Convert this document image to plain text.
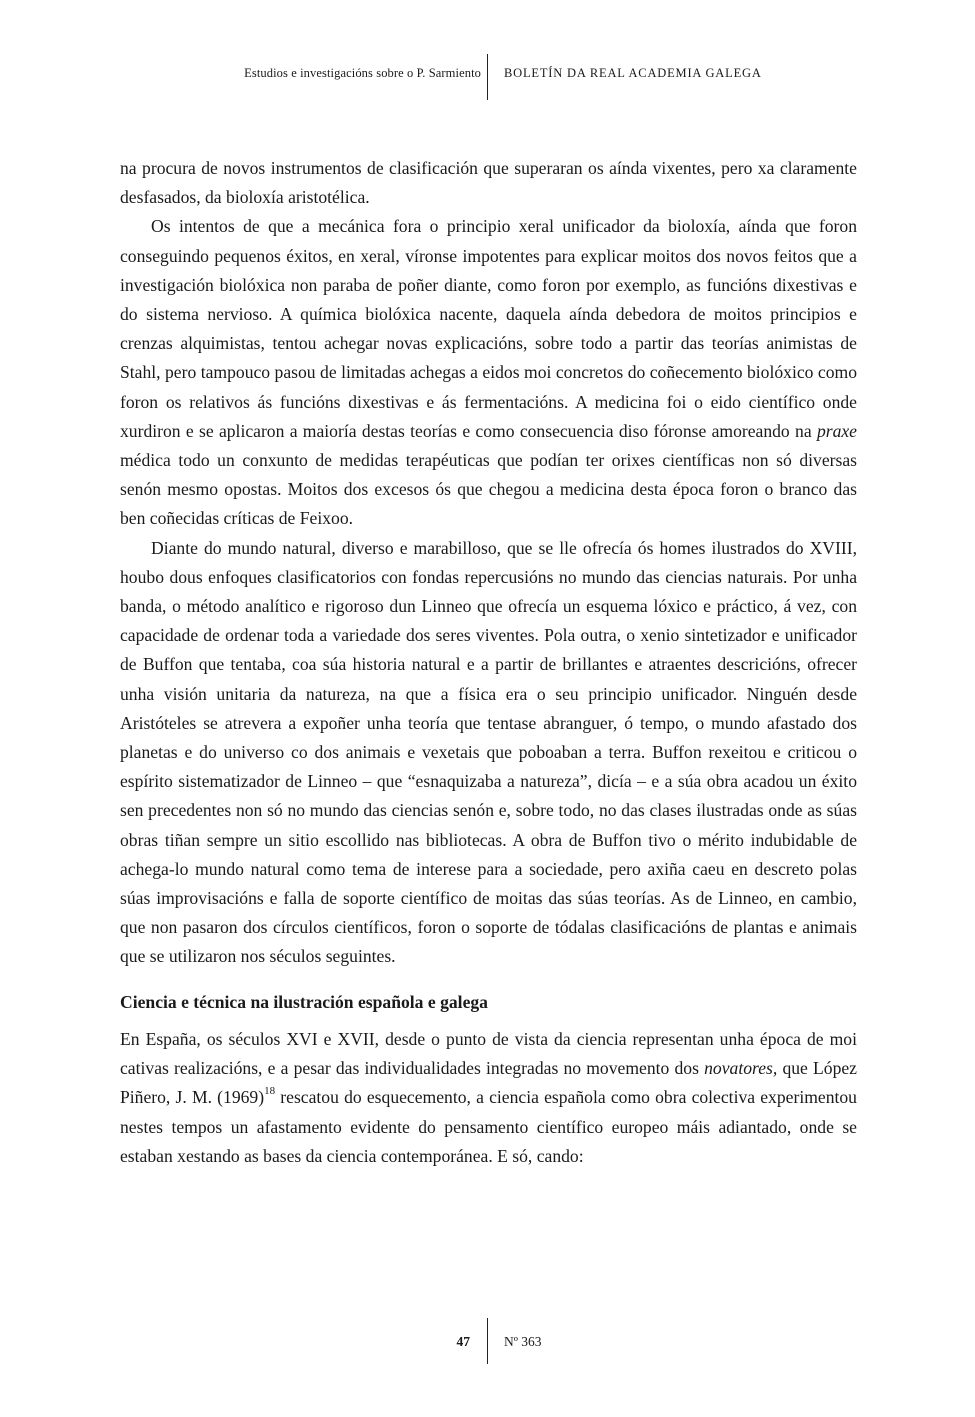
Estudios e investigacións sobre o P. Sarmiento BOLETÍN DA REAL ACADEMIA GALEGA

na procura de novos instrumentos de clasificación que superaran os aínda vixentes, pero xa claramente desfasados, da bioloxía aristotélica.

Os intentos de que a mecánica fora o principio xeral unificador da bioloxía, aínda que foron conseguindo pequenos éxitos, en xeral, víronse impotentes para explicar moitos dos novos feitos que a investigación biolóxica non paraba de poñer diante, como foron por exemplo, as funcións dixestivas e do sistema nervioso. A química biolóxica nacente, daquela aínda debedora de moitos principios e crenzas alquimistas, tentou achegar novas explicacións, sobre todo a partir das teorías animistas de Stahl, pero tampouco pasou de limitadas achegas a eidos moi concretos do coñecemento biolóxico como foron os relativos ás funcións dixestivas e ás fermentacións. A medicina foi o eido científico onde xurdiron e se aplicaron a maioría destas teorías e como consecuencia diso fóronse amoreando na praxe médica todo un conxunto de medidas terapéuticas que podían ter orixes científicas non só diversas senón mesmo opostas. Moitos dos excesos ós que chegou a medicina desta época foron o branco das ben coñecidas críticas de Feixoo.

Diante do mundo natural, diverso e marabilloso, que se lle ofrecía ós homes ilustrados do XVIII, houbo dous enfoques clasificatorios con fondas repercusións no mundo das ciencias naturais. Por unha banda, o método analítico e rigoroso dun Linneo que ofrecía un esquema lóxico e práctico, á vez, con capacidade de ordenar toda a variedade dos seres viventes. Pola outra, o xenio sintetizador e unificador de Buffon que tentaba, coa súa historia natural e a partir de brillantes e atraentes descricións, ofrecer unha visión unitaria da natureza, na que a física era o seu principio unificador. Ninguén desde Aristóteles se atrevera a expoñer unha teoría que tentase abranguer, ó tempo, o mundo afastado dos planetas e do universo co dos animais e vexetais que poboaban a terra. Buffon rexeitou e criticou o espírito sistematizador de Linneo – que “esnaquizaba a natureza”, dicía – e a súa obra acadou un éxito sen precedentes non só no mundo das ciencias senón e, sobre todo, no das clases ilustradas onde as súas obras tiñan sempre un sitio escollido nas bibliotecas. A obra de Buffon tivo o mérito indubidable de achega-lo mundo natural como tema de interese para a sociedade, pero axiña caeu en descreto polas súas improvisacións e falla de soporte científico de moitas das súas teorías. As de Linneo, en cambio, que non pasaron dos círculos científicos, foron o soporte de tódalas clasificacións de plantas e animais que se utilizaron nos séculos seguintes.

Ciencia e técnica na ilustración española e galega

En España, os séculos XVI e XVII, desde o punto de vista da ciencia representan unha época de moi cativas realizacións, e a pesar das individualidades integradas no movemento dos novatores, que López Piñero, J. M. $(1969)^{18}$ rescatou do esquecemento, a ciencia española como obra colectiva experimentou nestes tempos un afastamento evidente do pensamento científico europeo máis adiantado, onde se estaban xestando as bases da ciencia contemporánea. E só, cando:

47	Nº 363
